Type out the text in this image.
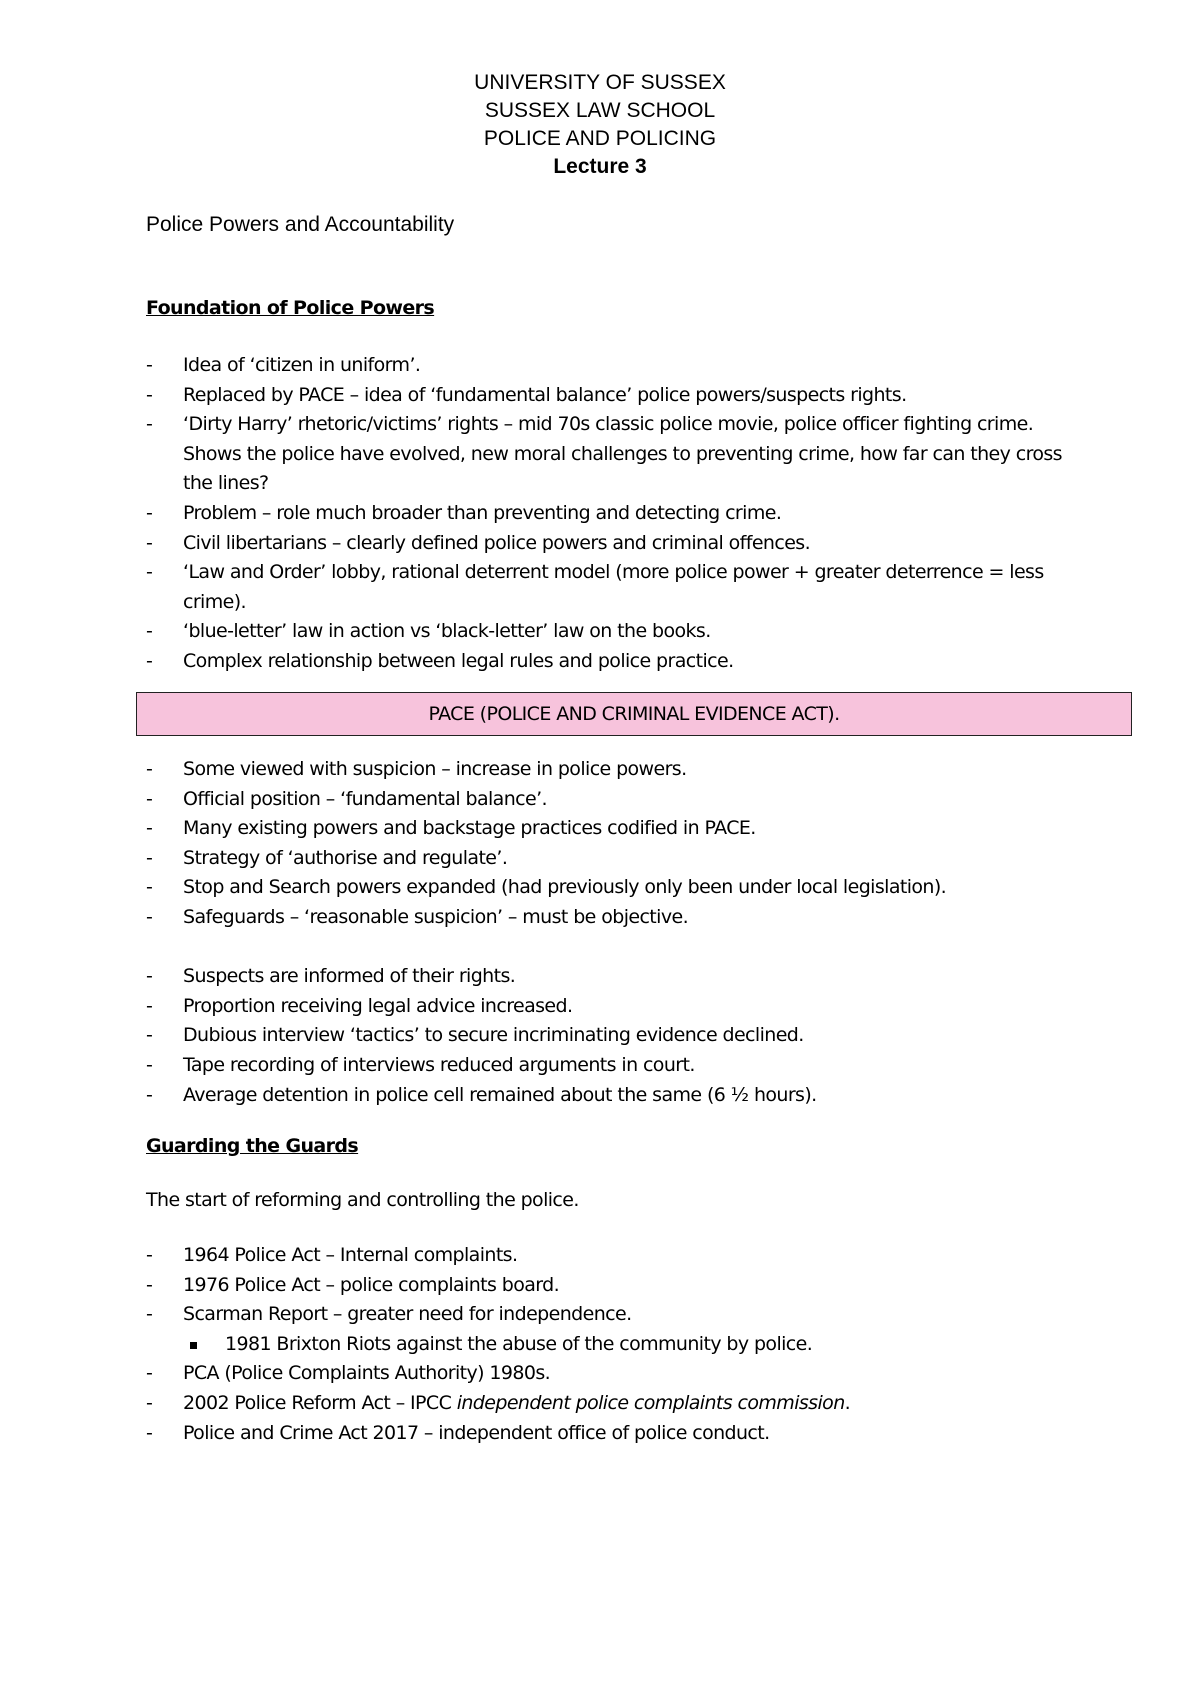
UNIVERSITY OF SUSSEX
SUSSEX LAW SCHOOL
POLICE AND POLICING
Lecture 3
Police Powers and Accountability
Foundation of Police Powers
- Idea of ‘citizen in uniform’.
- Replaced by PACE – idea of ‘fundamental balance’ police powers/suspects rights.
- ‘Dirty Harry’ rhetoric/victims’ rights – mid 70s classic police movie, police officer fighting crime. Shows the police have evolved, new moral challenges to preventing crime, how far can they cross the lines?
- Problem – role much broader than preventing and detecting crime.
- Civil libertarians – clearly defined police powers and criminal offences.
- ‘Law and Order’ lobby, rational deterrent model (more police power + greater deterrence = less crime).
- ‘blue-letter’ law in action vs ‘black-letter’ law on the books.
- Complex relationship between legal rules and police practice.
PACE (POLICE AND CRIMINAL EVIDENCE ACT).
- Some viewed with suspicion – increase in police powers.
- Official position – ‘fundamental balance’.
- Many existing powers and backstage practices codified in PACE.
- Strategy of ‘authorise and regulate’.
- Stop and Search powers expanded (had previously only been under local legislation).
- Safeguards – ‘reasonable suspicion’ – must be objective.
- Suspects are informed of their rights.
- Proportion receiving legal advice increased.
- Dubious interview ‘tactics’ to secure incriminating evidence declined.
- Tape recording of interviews reduced arguments in court.
- Average detention in police cell remained about the same (6 ½ hours).
Guarding the Guards
The start of reforming and controlling the police.
- 1964 Police Act – Internal complaints.
- 1976 Police Act – police complaints board.
- Scarman Report – greater need for independence.
1981 Brixton Riots against the abuse of the community by police.
- PCA (Police Complaints Authority) 1980s.
- 2002 Police Reform Act – IPCC independent police complaints commission.
- Police and Crime Act 2017 – independent office of police conduct.
